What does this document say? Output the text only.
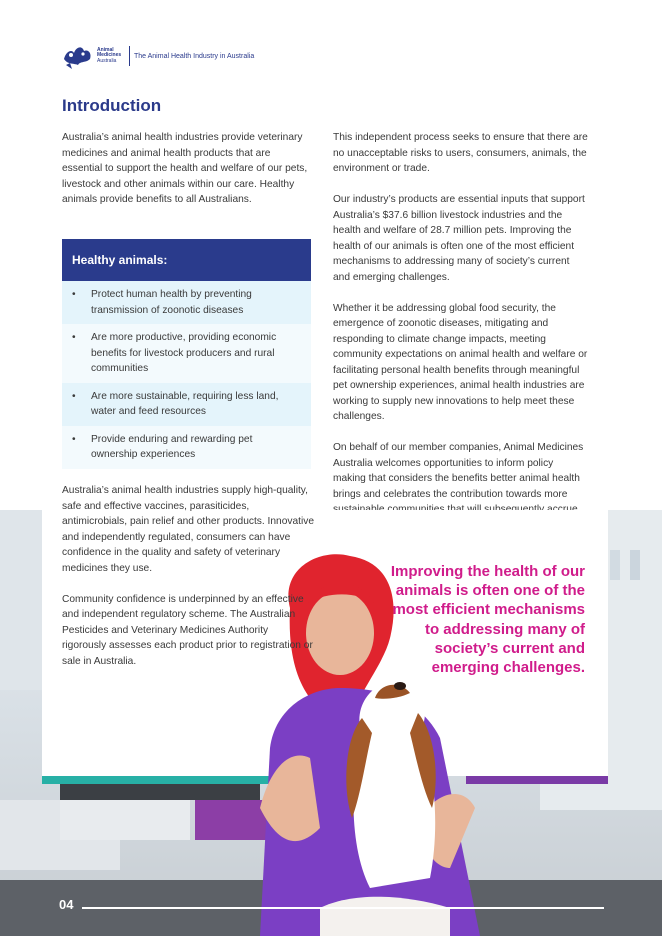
Animal
Medicines
Australia
The Animal Health Industry in Australia
Introduction

Australia’s animal health industries provide veterinary medicines and animal health products that are essential to support the health and welfare of our pets, livestock and other animals within our care. Healthy animals provide benefits to all Australians.

Healthy animals:
• Protect human health by preventing transmission of zoonotic diseases
• Are more productive, providing economic benefits for livestock producers and rural communities
• Are more sustainable, requiring less land, water and feed resources
• Provide enduring and rewarding pet ownership experiences

This independent process seeks to ensure that there are no unacceptable risks to users, consumers, animals, the environment or trade.

Our industry’s products are essential inputs that support Australia’s $37.6 billion livestock industries and the health and welfare of 28.7 million pets. Improving the health of our animals is often one of the most efficient mechanisms to addressing many of society’s current and emerging challenges.

Whether it be addressing global food security, the emergence of zoonotic diseases, mitigating and responding to climate change impacts, meeting community expectations on animal health and welfare or facilitating personal health benefits through meaningful pet ownership experiences, animal health industries are working to supply new innovations to help meet these challenges.

On behalf of our member companies, Animal Medicines Australia welcomes opportunities to inform policy making that considers the benefits better animal health brings and celebrates the contribution towards more

Australia’s animal health industries supply high-quality, safe and effective vaccines, parasiticides, antimicrobials, pain relief and other products. Innovative and independently regulated, consumers can have confidence in the quality and safety of veterinary medicines they use.

Community confidence is underpinned by an effective and independent regulatory scheme. The Australian Pesticides and Veterinary Medicines Authority rigorously assesses each product prior to registration or sale in Australia.

Improving the health of our animals is often one of the most efficient mechanisms to addressing many of society’s current and emerging challenges.
04
